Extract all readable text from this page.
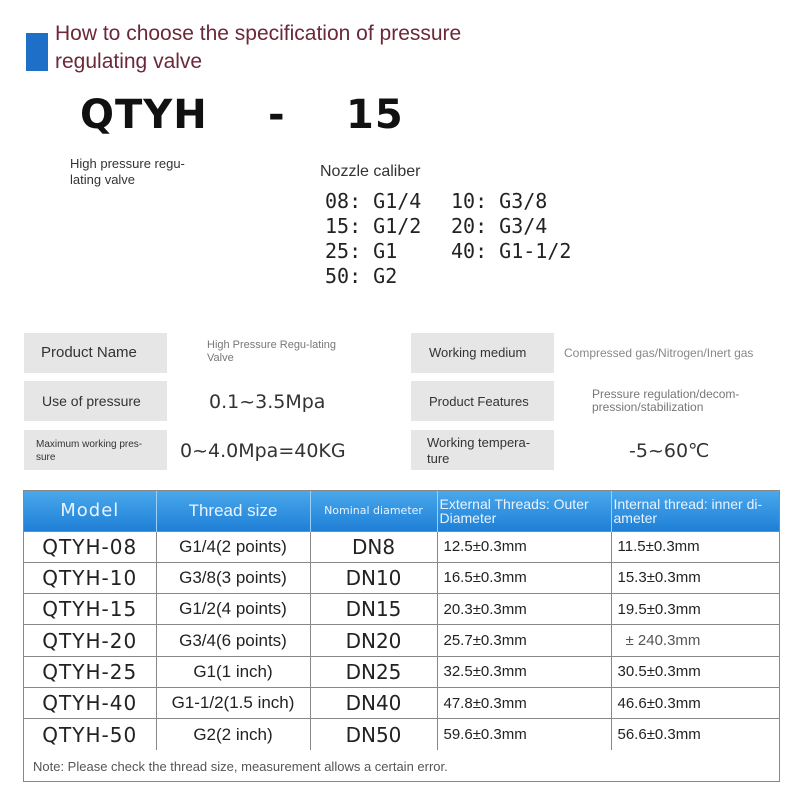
How to choose the specification of pressure regulating valve
QTYH - 15
High pressure regu-lating valve	Nozzle caliber
08: G1/4	10: G3/8
15: G1/2	20: G3/4
25: G1	40: G1-1/2
50: G2
Product Name	High Pressure Regu-lating Valve	Working medium	Compressed gas/Nitrogen/Inert gas
Use of pressure	0.1~3.5Mpa	Product Features	Pressure regulation/decom-pression/stabilization
Maximum working pres-sure	0~4.0Mpa=40KG	Working tempera-ture	-5~60℃
Model	Thread size	Nominal diameter	External Threads: Outer Diameter	Internal thread: inner di-ameter
QTYH-08	G1/4(2 points)	DN8	12.5±0.3mm	11.5±0.3mm
QTYH-10	G3/8(3 points)	DN10	16.5±0.3mm	15.3±0.3mm
QTYH-15	G1/2(4 points)	DN15	20.3±0.3mm	19.5±0.3mm
QTYH-20	G3/4(6 points)	DN20	25.7±0.3mm	± 240.3mm
QTYH-25	G1(1 inch)	DN25	32.5±0.3mm	30.5±0.3mm
QTYH-40	G1-1/2(1.5 inch)	DN40	47.8±0.3mm	46.6±0.3mm
QTYH-50	G2(2 inch)	DN50	59.6±0.3mm	56.6±0.3mm
Note: Please check the thread size, measurement allows a certain error.
